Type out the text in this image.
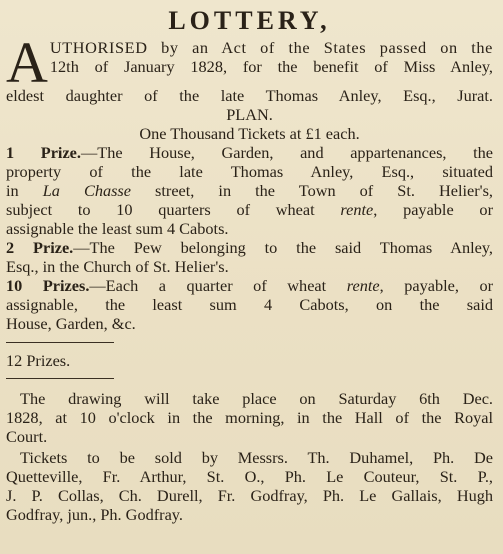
LOTTERY,
A UTHORISED by an Act of the States passed on the
12th of January 1828, for the benefit of Miss Anley,
eldest daughter of the late Thomas Anley, Esq., Jurat.
PLAN.
One Thousand Tickets at £1 each.
1 Prize.—The House, Garden, and appartenances, the
property of the late Thomas Anley, Esq., situated
in La Chasse street, in the Town of St. Helier's,
subject to 10 quarters of wheat rente, payable or
assignable the least sum 4 Cabots.
2 Prize.—The Pew belonging to the said Thomas Anley,
Esq., in the Church of St. Helier's.
10 Prizes.—Each a quarter of wheat rente, payable, or
assignable, the least sum 4 Cabots, on the said
House, Garden, &c.
12 Prizes.
The drawing will take place on Saturday 6th Dec.
1828, at 10 o'clock in the morning, in the Hall of the Royal
Court.
Tickets to be sold by Messrs. Th. Duhamel, Ph. De
Quetteville, Fr. Arthur, St. O., Ph. Le Couteur, St. P.,
J. P. Collas, Ch. Durell, Fr. Godfray, Ph. Le Gallais, Hugh
Godfray, jun., Ph. Godfray.
